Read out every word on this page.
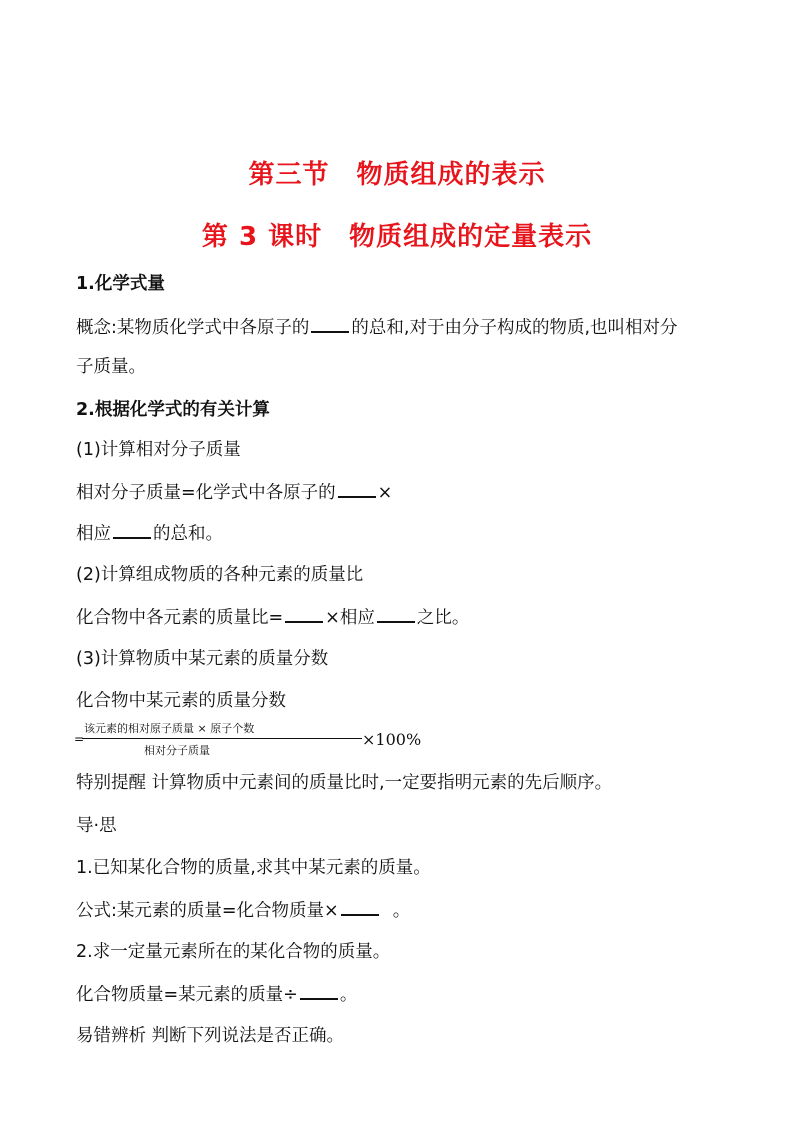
第三节　物质组成的表示
第 3 课时　物质组成的定量表示
1.化学式量
概念:某物质化学式中各原子的 的总和,对于由分子构成的物质,也叫相对分
子质量。
2.根据化学式的有关计算
(1)计算相对分子质量
相对分子质量=化学式中各原子的 ×
相应 的总和。
(2)计算组成物质的各种元素的质量比
化合物中各元素的质量比= ×相应 之比。
(3)计算物质中某元素的质量分数
化合物中某元素的质量分数
=
该元素的相对原子质量 × 原子个数
相对分子质量
×100%
特别提醒 计算物质中元素间的质量比时,一定要指明元素的先后顺序。
导·思
1.已知某化合物的质量,求其中某元素的质量。
公式:某元素的质量=化合物质量×	。
2.求一定量元素所在的某化合物的质量。
化合物质量=某元素的质量÷ 。
易错辨析 判断下列说法是否正确。
